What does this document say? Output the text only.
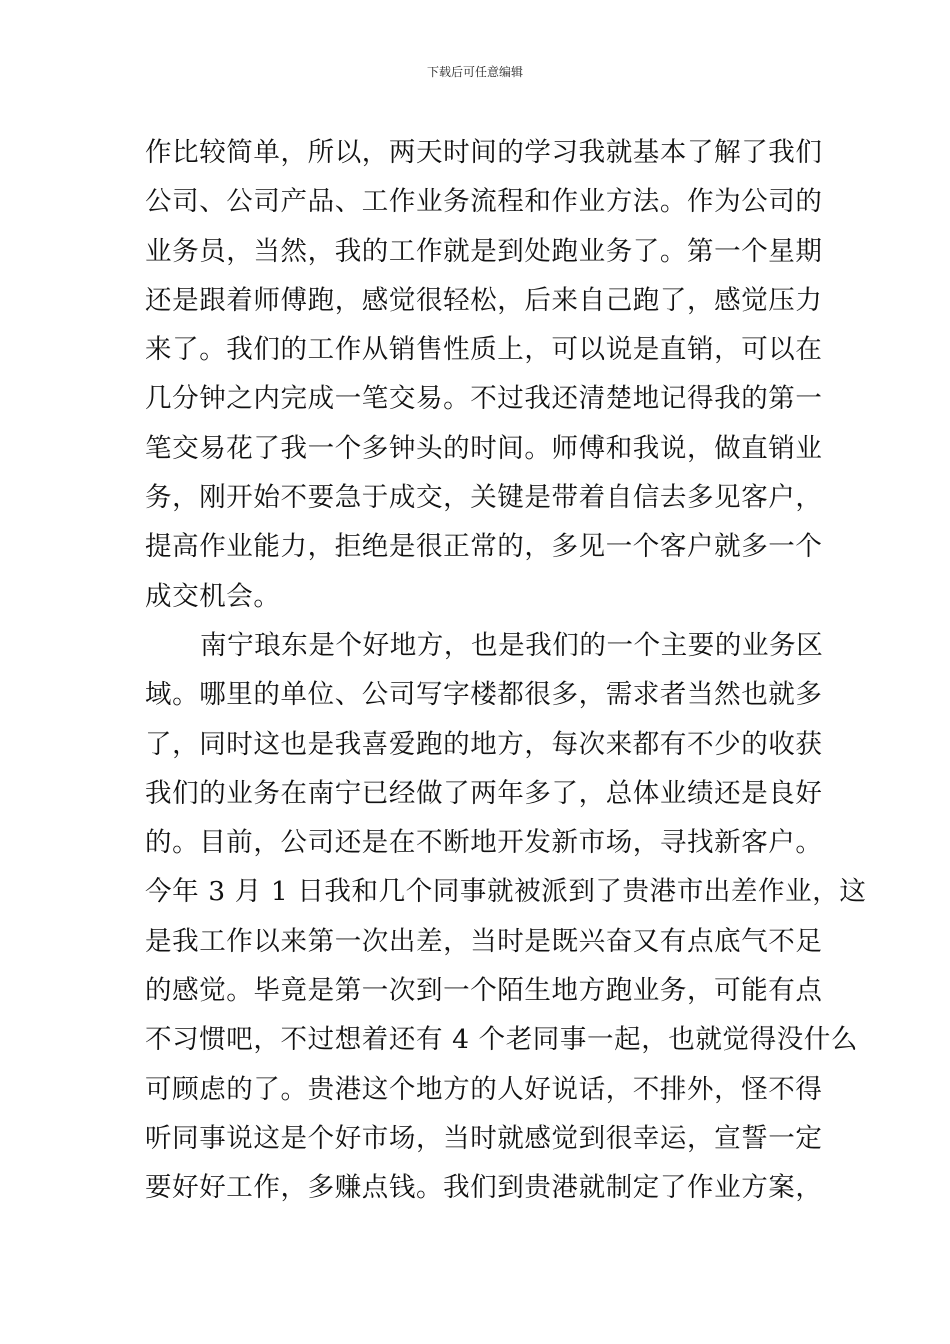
下载后可任意编辑
作比较简单，所以，两天时间的学习我就基本了解了我们
公司、公司产品、工作业务流程和作业方法。作为公司的
业务员，当然，我的工作就是到处跑业务了。第一个星期
还是跟着师傅跑，感觉很轻松，后来自己跑了，感觉压力
来了。我们的工作从销售性质上，可以说是直销，可以在
几分钟之内完成一笔交易。不过我还清楚地记得我的第一
笔交易花了我一个多钟头的时间。师傅和我说，做直销业
务，刚开始不要急于成交，关键是带着自信去多见客户，
提高作业能力，拒绝是很正常的，多见一个客户就多一个
成交机会。
南宁琅东是个好地方，也是我们的一个主要的业务区
域。哪里的单位、公司写字楼都很多，需求者当然也就多
了，同时这也是我喜爱跑的地方，每次来都有不少的收获
我们的业务在南宁已经做了两年多了，总体业绩还是良好
的。目前，公司还是在不断地开发新市场，寻找新客户。
今年 3 月 1 日我和几个同事就被派到了贵港市出差作业，这
是我工作以来第一次出差，当时是既兴奋又有点底气不足
的感觉。毕竟是第一次到一个陌生地方跑业务，可能有点
不习惯吧，不过想着还有 4 个老同事一起，也就觉得没什么
可顾虑的了。贵港这个地方的人好说话，不排外，怪不得
听同事说这是个好市场，当时就感觉到很幸运，宣誓一定
要好好工作，多赚点钱。我们到贵港就制定了作业方案，
